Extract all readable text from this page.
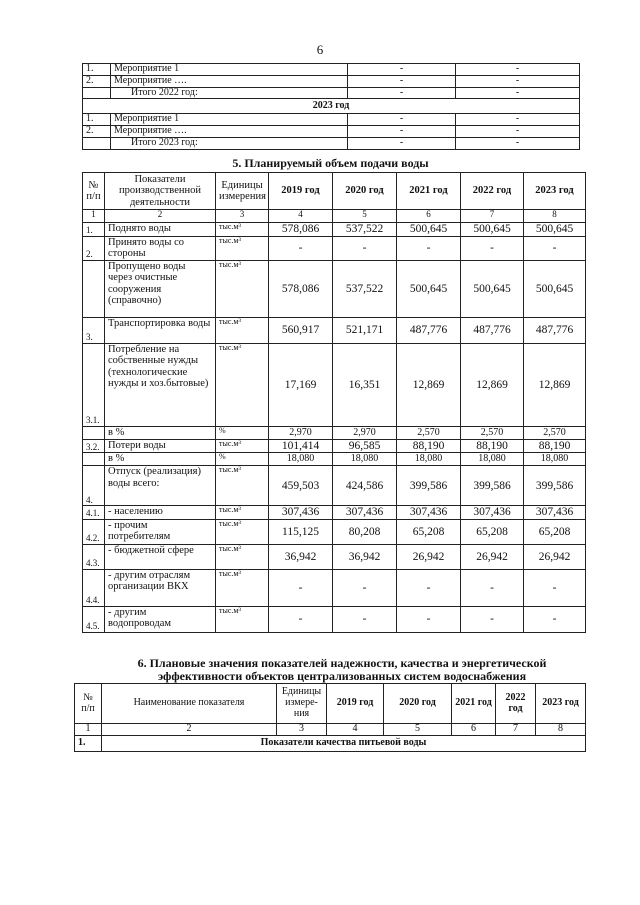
6
1.	Мероприятие 1	-	-
2.	Мероприятие ….	-	-
	Итого 2022 год:	-	-
2023 год			
1.	Мероприятие 1	-	-
2.	Мероприятие ….	-	-
	Итого 2023 год:	-	-
5. Планируемый объем подачи воды
№ п/п	Показатели производственной деятельности	Единицы измерения	2019 год	2020 год	2021 год	2022 год	2023 год
1	2	3	4	5	6	7	8
1.	Поднято воды	тыс.м³	578,086	537,522	500,645	500,645	500,645
2.	Принято воды со стороны	тыс.м³	-	-	-	-	-
	Пропущено воды через очистные сооружения (справочно)	тыс.м³	578,086	537,522	500,645	500,645	500,645
3.	Транспортировка воды	тыс.м³	560,917	521,171	487,776	487,776	487,776
3.1.	Потребление на собственные нужды (технологические нужды и хоз.бытовые)	тыс.м³	17,169	16,351	12,869	12,869	12,869
	в %	%	2,970	2,970	2,570	2,570	2,570
3.2.	Потери воды	тыс.м³	101,414	96,585	88,190	88,190	88,190
	в %	%	18,080	18,080	18,080	18,080	18,080
4.	Отпуск (реализация) воды всего:	тыс.м³	459,503	424,586	399,586	399,586	399,586
4.1.	- населению	тыс.м³	307,436	307,436	307,436	307,436	307,436
4.2.	- прочим потребителям	тыс.м³	115,125	80,208	65,208	65,208	65,208
4.3.	- бюджетной сфере	тыс.м³	36,942	36,942	26,942	26,942	26,942
4.4.	- другим отраслям организации ВКХ	тыс.м³	-	-	-	-	-
4.5.	- другим водопроводам	тыс.м³	-	-	-	-	-
6. Плановые значения показателей надежности, качества и энергетической эффективности объектов централизованных систем водоснабжения
№ п/п	Наименование показателя	Единицы измере-ния	2019 год	2020 год	2021 год	2022 год	2023 год
1	2	3	4	5	6	7	8
1.	Показатели качества питьевой воды						
